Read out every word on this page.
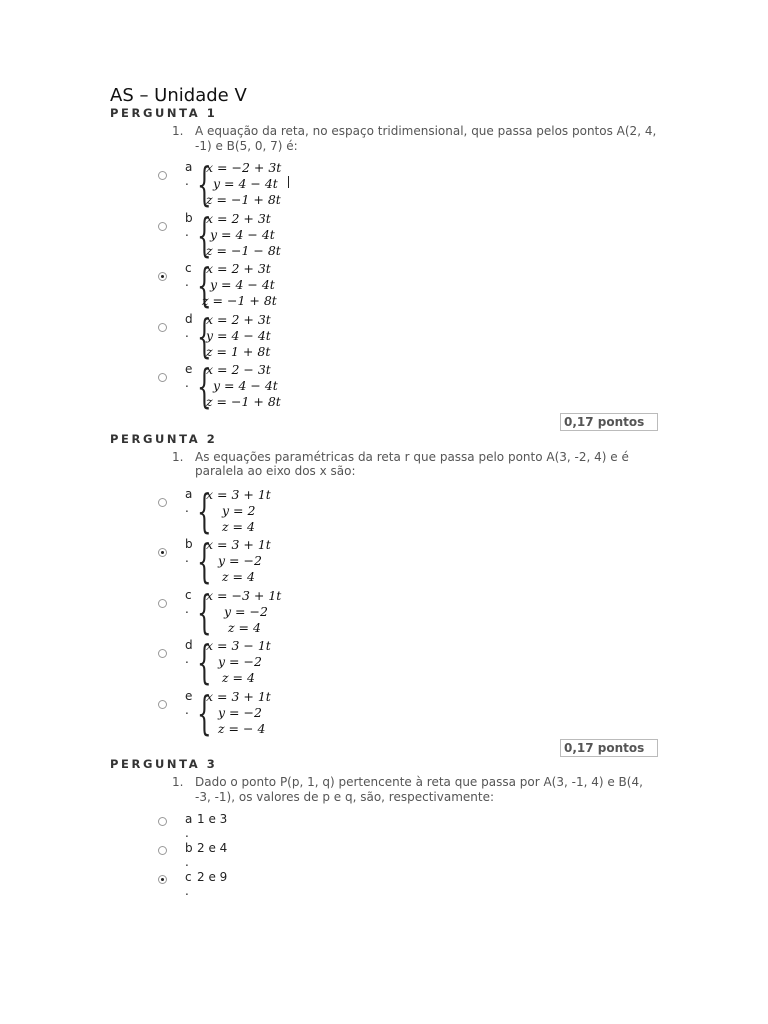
AS – Unidade V
PERGUNTA 1
1. A equação da reta, no espaço tridimensional, que passa pelos pontos A(2, 4, -1) e B(5, 0, 7) é:
a
. {
x = −2 + 3t
y = 4 − 4t
z = −1 + 8t
b
. {
x = 2 + 3t
y = 4 − 4t
z = −1 − 8t
c
. {
x = 2 + 3t
y = 4 − 4t
z = −1 + 8t
d
. {
x = 2 + 3t
y = 4 − 4t
z = 1 + 8t
e
. {
x = 2 − 3t
y = 4 − 4t
z = −1 + 8t
0,17 pontos
PERGUNTA 2
1. As equações paramétricas da reta r que passa pelo ponto A(3, -2, 4) e é paralela ao eixo dos x são:
a
. {
x = 3 + 1t
y = 2
z = 4
b
. {
x = 3 + 1t
y = −2
z = 4
c
. {
x = −3 + 1t
y = −2
z = 4
d
. {
x = 3 − 1t
y = −2
z = 4
e
. {
x = 3 + 1t
y = −2
z = − 4
0,17 pontos
PERGUNTA 3
1. Dado o ponto P(p, 1, q) pertencente à reta que passa por A(3, -1, 4) e B(4, -3, -1), os valores de p e q, são, respectivamente:
a 1 e 3
.
b 2 e 4
.
c 2 e 9
.
